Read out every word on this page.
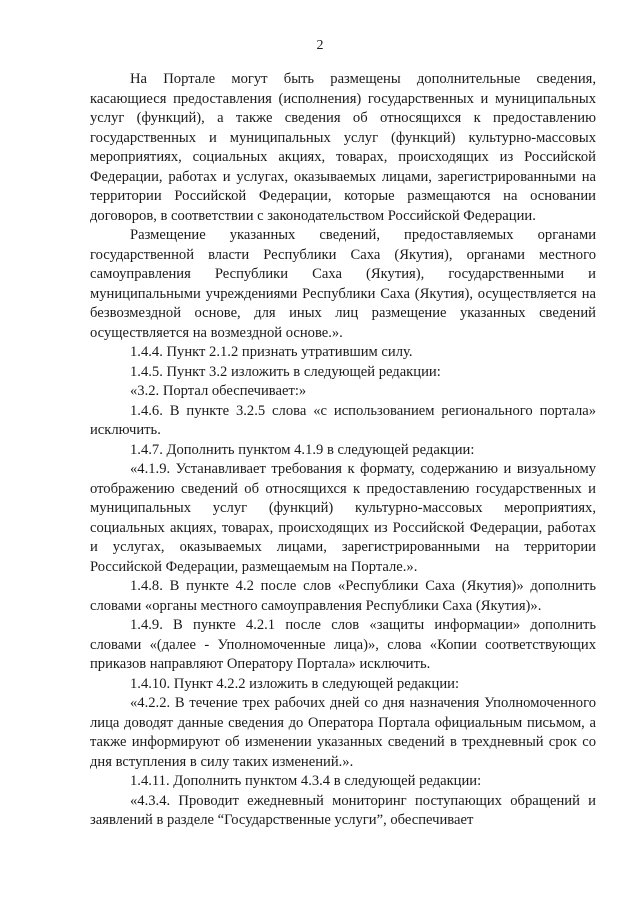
2

На Портале могут быть размещены дополнительные сведения, касающиеся предоставления (исполнения) государственных и муниципальных услуг (функций), а также сведения об относящихся к предоставлению государственных и муниципальных услуг (функций) культурно-массовых мероприятиях, социальных акциях, товарах, происходящих из Российской Федерации, работах и услугах, оказываемых лицами, зарегистрированными на территории Российской Федерации, которые размещаются на основании договоров, в соответствии с законодательством Российской Федерации.

Размещение указанных сведений, предоставляемых органами государственной власти Республики Саха (Якутия), органами местного самоуправления Республики Саха (Якутия), государственными и муниципальными учреждениями Республики Саха (Якутия), осуществляется на безвозмездной основе, для иных лиц размещение указанных сведений осуществляется на возмездной основе.».

1.4.4. Пункт 2.1.2 признать утратившим силу.

1.4.5. Пункт 3.2 изложить в следующей редакции:

«3.2. Портал обеспечивает:»

1.4.6. В пункте 3.2.5 слова «с использованием регионального портала» исключить.

1.4.7. Дополнить пунктом 4.1.9 в следующей редакции:

«4.1.9. Устанавливает требования к формату, содержанию и визуальному отображению сведений об относящихся к предоставлению государственных и муниципальных услуг (функций) культурно-массовых мероприятиях, социальных акциях, товарах, происходящих из Российской Федерации, работах и услугах, оказываемых лицами, зарегистрированными на территории Российской Федерации, размещаемым на Портале.».

1.4.8. В пункте 4.2 после слов «Республики Саха (Якутия)» дополнить словами «органы местного самоуправления Республики Саха (Якутия)».

1.4.9. В пункте 4.2.1 после слов «защиты информации» дополнить словами «(далее - Уполномоченные лица)», слова «Копии соответствующих приказов направляют Оператору Портала» исключить.

1.4.10. Пункт 4.2.2 изложить в следующей редакции:

«4.2.2. В течение трех рабочих дней со дня назначения Уполномоченного лица доводят данные сведения до Оператора Портала официальным письмом, а также информируют об изменении указанных сведений в трехдневный срок со дня вступления в силу таких изменений.».

1.4.11. Дополнить пунктом 4.3.4 в следующей редакции:

«4.3.4. Проводит ежедневный мониторинг поступающих обращений и заявлений в разделе “Государственные услуги”, обеспечивает
